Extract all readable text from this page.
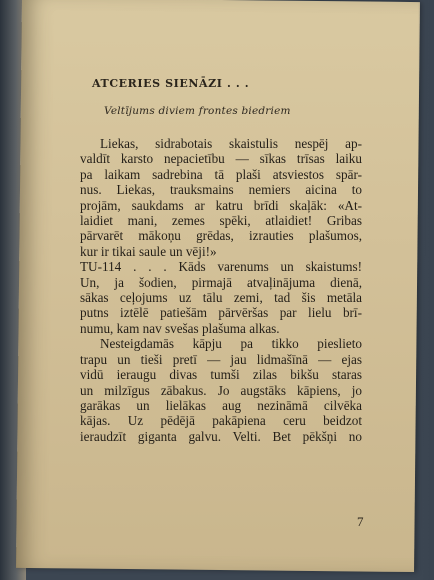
ATCERIES SIENĀZI . . .
Veltījums diviem frontes biedriem

Liekas, sidrabotais skaistulis nespēj ap-
valdīt karsto nepacietību — sīkas trīsas laiku
pa laikam sadrebina tā plaši atsviestos spār-
nus. Liekas, trauksmains nemiers aicina to
projām, saukdams ar katru brīdi skaļāk: «At-
laidiet mani, zemes spēki, atlaidiet! Gribas
pārvarēt mākoņu grēdas, izrauties plašumos,
kur ir tikai saule un vēji!»

TU-114 . . . Kāds varenums un skaistums!
Un, ja šodien, pirmajā atvaļinājuma dienā,
sākas ceļojums uz tālu zemi, tad šis metāla
putns iztēlē patiešām pārvēršas par lielu brī-
numu, kam nav svešas plašuma alkas.

Nesteigdamās kāpju pa tikko pieslieto
trapu un tieši pretī — jau lidmašīnā — ejas
vidū ieraugu divas tumši zilas bikšu staras
un milzīgus zābakus. Jo augstāks kāpiens, jo
garākas un lielākas aug nezināmā cilvēka
kājas. Uz pēdējā pakāpiena ceru beidzot
ieraudzīt giganta galvu. Velti. Bet pēkšņi no

7
